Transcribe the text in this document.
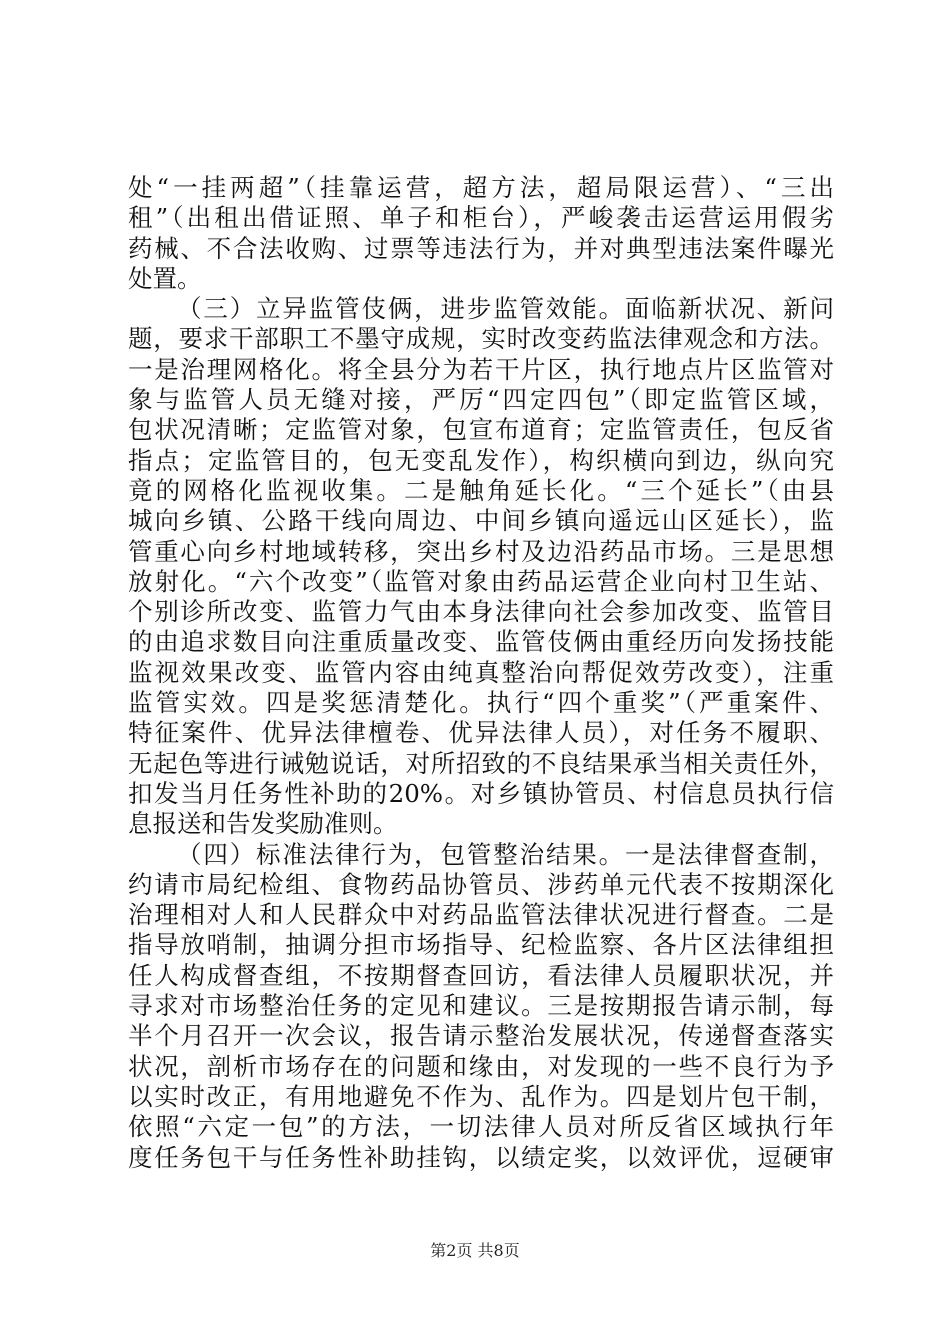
处“一挂两超”（挂靠运营，超方法，超局限运营）、“三出
租”（出租出借证照、单子和柜台），严峻袭击运营运用假劣
药械、不合法收购、过票等违法行为，并对典型违法案件曝光
处置。
（三）立异监管伎俩，进步监管效能。面临新状况、新问
题，要求干部职工不墨守成规，实时改变药监法律观念和方法。
一是治理网格化。将全县分为若干片区，执行地点片区监管对
象与监管人员无缝对接，严厉“四定四包”（即定监管区域，
包状况清晰；定监管对象，包宣布道育；定监管责任，包反省
指点；定监管目的，包无变乱发作），构织横向到边，纵向究
竟的网格化监视收集。二是触角延长化。“三个延长”（由县
城向乡镇、公路干线向周边、中间乡镇向遥远山区延长），监
管重心向乡村地域转移，突出乡村及边沿药品市场。三是思想
放射化。“六个改变”（监管对象由药品运营企业向村卫生站、
个别诊所改变、监管力气由本身法律向社会参加改变、监管目
的由追求数目向注重质量改变、监管伎俩由重经历向发扬技能
监视效果改变、监管内容由纯真整治向帮促效劳改变），注重
监管实效。四是奖惩清楚化。执行“四个重奖”（严重案件、
特征案件、优异法律檀卷、优异法律人员），对任务不履职、
无起色等进行诫勉说话，对所招致的不良结果承当相关责任外，
扣发当月任务性补助的20%。对乡镇协管员、村信息员执行信
息报送和告发奖励准则。
（四）标准法律行为，包管整治结果。一是法律督查制，
约请市局纪检组、食物药品协管员、涉药单元代表不按期深化
治理相对人和人民群众中对药品监管法律状况进行督查。二是
指导放哨制，抽调分担市场指导、纪检监察、各片区法律组担
任人构成督查组，不按期督查回访，看法律人员履职状况，并
寻求对市场整治任务的定见和建议。三是按期报告请示制，每
半个月召开一次会议，报告请示整治发展状况，传递督查落实
状况，剖析市场存在的问题和缘由，对发现的一些不良行为予
以实时改正，有用地避免不作为、乱作为。四是划片包干制，
依照“六定一包”的方法，一切法律人员对所反省区域执行年
度任务包干与任务性补助挂钩，以绩定奖，以效评优，逗硬审
第2页 共8页
